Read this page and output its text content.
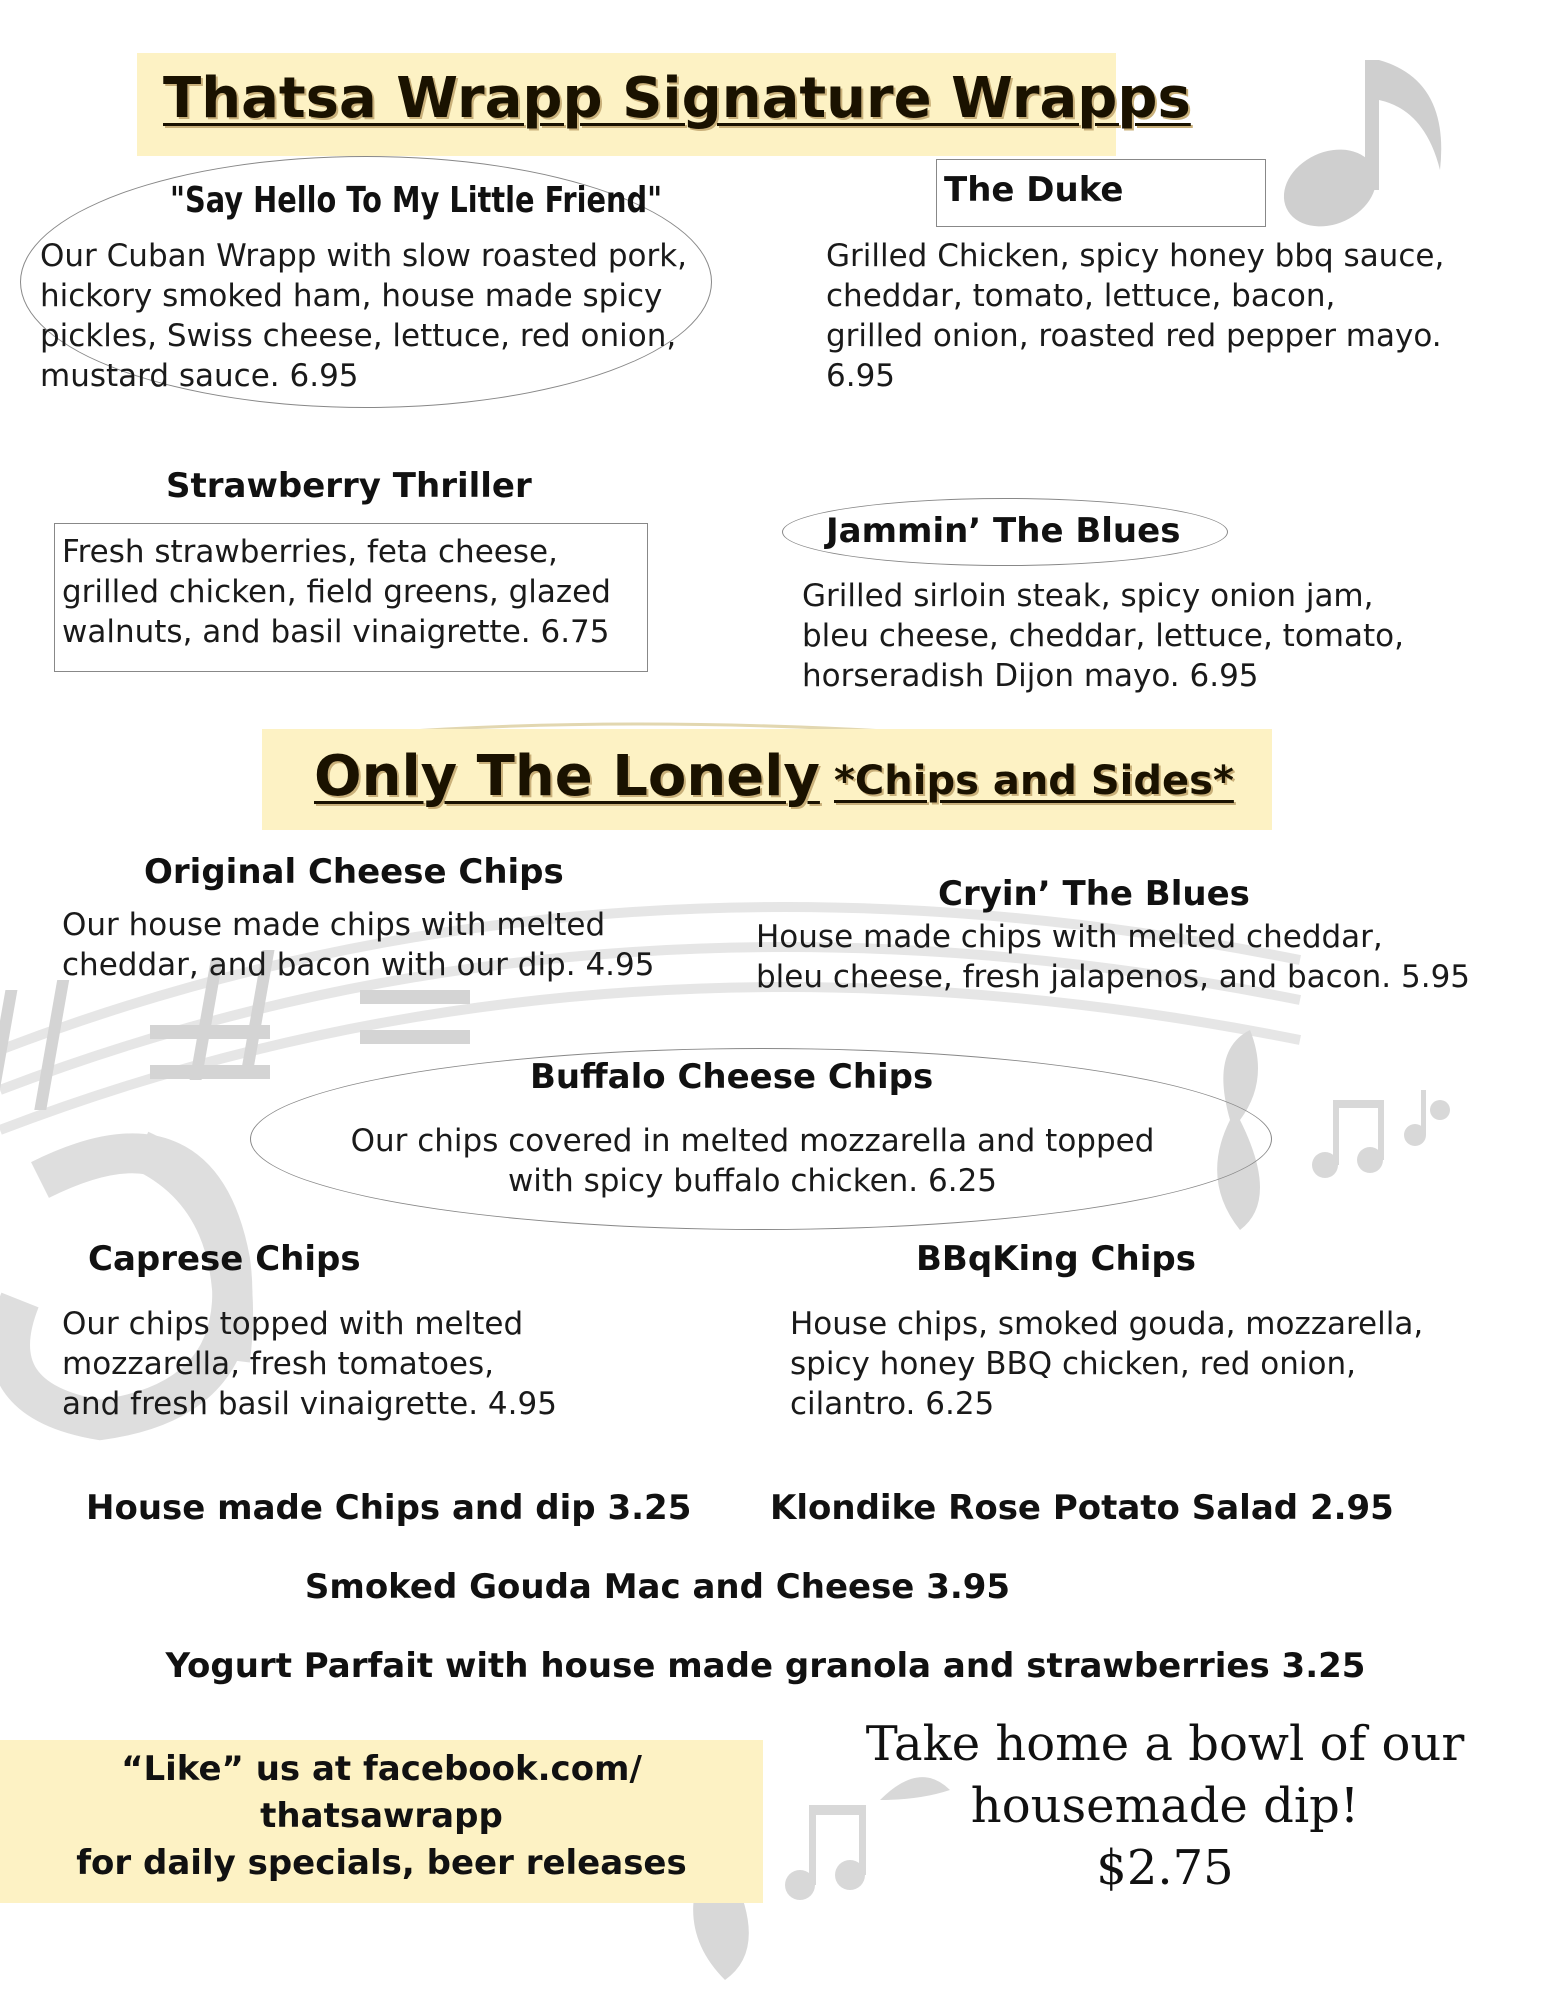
Thatsa Wrapp Signature Wrapps
"Say Hello To My Little Friend"
Our Cuban Wrapp with slow roasted pork,
hickory smoked ham, house made spicy
pickles, Swiss cheese, lettuce, red onion,
mustard sauce. 6.95
The Duke
Grilled Chicken, spicy honey bbq sauce,
cheddar, tomato, lettuce, bacon,
grilled onion, roasted red pepper mayo.
6.95
Strawberry Thriller
Fresh strawberries, feta cheese,
grilled chicken, field greens, glazed
walnuts, and basil vinaigrette. 6.75
Jammin’ The Blues
Grilled sirloin steak, spicy onion jam,
bleu cheese, cheddar, lettuce, tomato,
horseradish Dijon mayo. 6.95
Only The Lonely *Chips and Sides*
Original Cheese Chips
Our house made chips with melted
cheddar, and bacon with our dip. 4.95
Cryin’ The Blues
House made chips with melted cheddar,
bleu cheese, fresh jalapenos, and bacon. 5.95
Buffalo Cheese Chips
Our chips covered in melted mozzarella and topped
with spicy buffalo chicken. 6.25
Caprese Chips
Our chips topped with melted
mozzarella, fresh tomatoes,
and fresh basil vinaigrette. 4.95
BBqKing Chips
House chips, smoked gouda, mozzarella,
spicy honey BBQ chicken, red onion,
cilantro. 6.25
House made Chips and dip 3.25 Klondike Rose Potato Salad 2.95
Smoked Gouda Mac and Cheese 3.95
Yogurt Parfait with house made granola and strawberries 3.25
“Like” us at facebook.com/
thatsawrapp
for daily specials, beer releases
Take home a bowl of our
housemade dip!
$2.75
